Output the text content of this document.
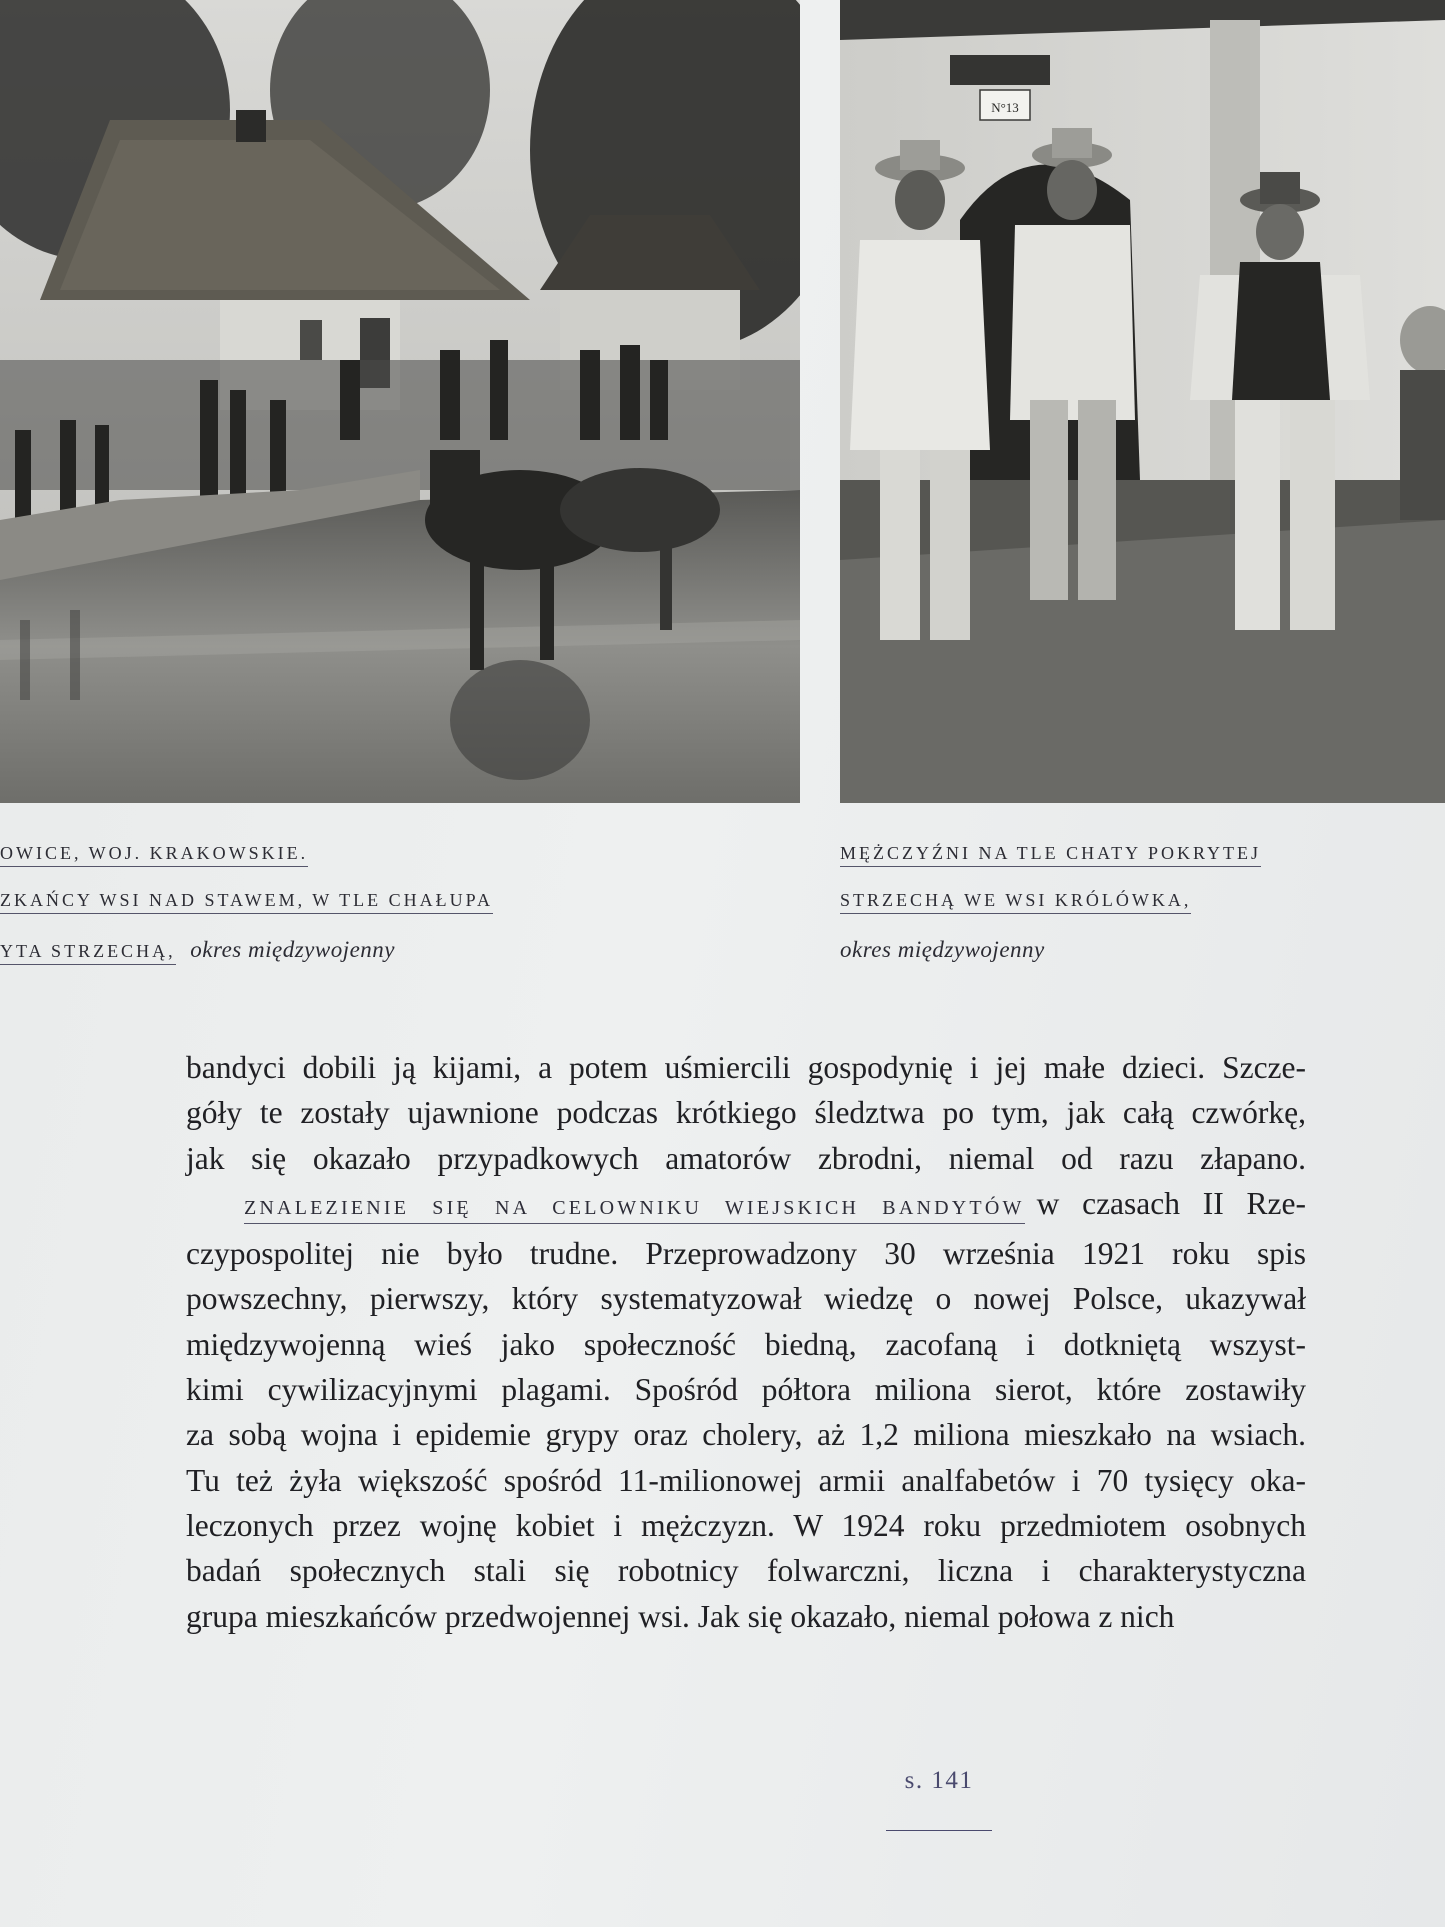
N°13
OWICE, WOJ. KRAKOWSKIE.
ZKAŃCY WSI NAD STAWEM, W TLE CHAŁUPA
YTA STRZECHĄ, okres międzywojenny
MĘŻCZYŹNI NA TLE CHATY POKRYTEJ
STRZECHĄ WE WSI KRÓLÓWKA,
okres międzywojenny
bandyci dobili ją kijami, a potem uśmiercili gospodynię i jej małe dzieci. Szcze-
góły te zostały ujawnione podczas krótkiego śledztwa po tym, jak całą czwórkę,
jak się okazało przypadkowych amatorów zbrodni, niemal od razu złapano.
ZNALEZIENIE SIĘ NA CELOWNIKU WIEJSKICH BANDYTÓW w czasach II Rze-
czypospolitej nie było trudne. Przeprowadzony 30 września 1921 roku spis
powszechny, pierwszy, który systematyzował wiedzę o nowej Polsce, ukazywał
międzywojenną wieś jako społeczność biedną, zacofaną i dotkniętą wszyst-
kimi cywilizacyjnymi plagami. Spośród półtora miliona sierot, które zostawiły
za sobą wojna i epidemie grypy oraz cholery, aż 1,2 miliona mieszkało na wsiach.
Tu też żyła większość spośród 11-milionowej armii analfabetów i 70 tysięcy oka-
leczonych przez wojnę kobiet i mężczyzn. W 1924 roku przedmiotem osobnych
badań społecznych stali się robotnicy folwarczni, liczna i charakterystyczna
grupa mieszkańców przedwojennej wsi. Jak się okazało, niemal połowa z nich
s. 141
